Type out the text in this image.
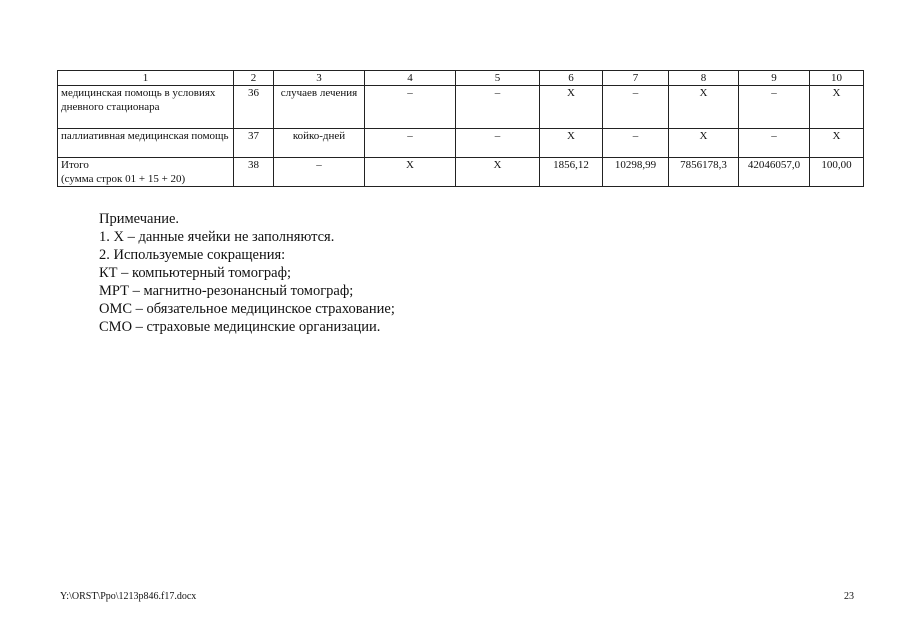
1	2	3	4	5	6	7	8	9	10
медицинская помощь в условиях дневного стационара	36	случаев лечения	–	–	Х	–	Х	–	Х
паллиативная медицинская помощь	37	койко-дней	–	–	Х	–	Х	–	Х
Итого
(сумма строк 01 + 15 + 20)	38	–	Х	Х	1856,12	10298,99	7856178,3	42046057,0	100,00
Примечание.
1. Х – данные ячейки не заполняются.
2. Используемые сокращения:
КТ – компьютерный томограф;
МРТ – магнитно-резонансный томограф;
ОМС – обязательное медицинское страхование;
СМО – страховые медицинские организации.
Y:\ORST\Ppo\1213p846.f17.docx	23
